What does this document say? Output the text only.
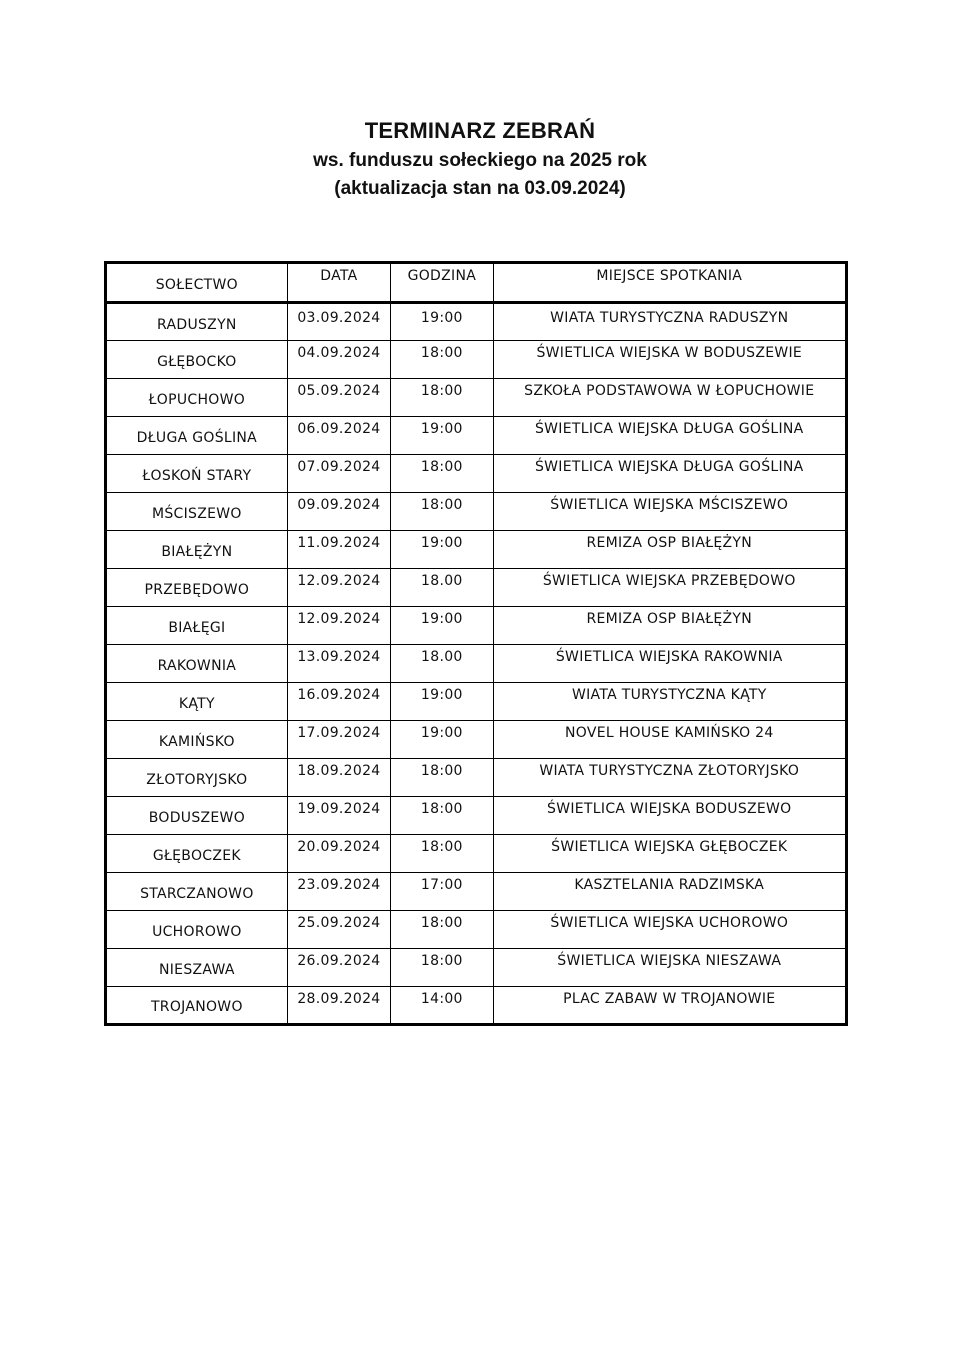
TERMINARZ ZEBRAŃ
ws. funduszu sołeckiego na 2025 rok
(aktualizacja stan na 03.09.2024)
SOŁECTWO	DATA	GODZINA	MIEJSCE SPOTKANIA
RADUSZYN	03.09.2024	19:00	WIATA TURYSTYCZNA RADUSZYN
GŁĘBOCKO	04.09.2024	18:00	ŚWIETLICA WIEJSKA W BODUSZEWIE
ŁOPUCHOWO	05.09.2024	18:00	SZKOŁA PODSTAWOWA W ŁOPUCHOWIE
DŁUGA GOŚLINA	06.09.2024	19:00	ŚWIETLICA WIEJSKA DŁUGA GOŚLINA
ŁOSKOŃ STARY	07.09.2024	18:00	ŚWIETLICA WIEJSKA DŁUGA GOŚLINA
MŚCISZEWO	09.09.2024	18:00	ŚWIETLICA WIEJSKA MŚCISZEWO
BIAŁĘŻYN	11.09.2024	19:00	REMIZA OSP BIAŁĘŻYN
PRZEBĘDOWO	12.09.2024	18.00	ŚWIETLICA WIEJSKA PRZEBĘDOWO
BIAŁĘGI	12.09.2024	19:00	REMIZA OSP BIAŁĘŻYN
RAKOWNIA	13.09.2024	18.00	ŚWIETLICA WIEJSKA RAKOWNIA
KĄTY	16.09.2024	19:00	WIATA TURYSTYCZNA KĄTY
KAMIŃSKO	17.09.2024	19:00	NOVEL HOUSE KAMIŃSKO 24
ZŁOTORYJSKO	18.09.2024	18:00	WIATA TURYSTYCZNA ZŁOTORYJSKO
BODUSZEWO	19.09.2024	18:00	ŚWIETLICA WIEJSKA BODUSZEWO
GŁĘBOCZEK	20.09.2024	18:00	ŚWIETLICA WIEJSKA GŁĘBOCZEK
STARCZANOWO	23.09.2024	17:00	KASZTELANIA RADZIMSKA
UCHOROWO	25.09.2024	18:00	ŚWIETLICA WIEJSKA UCHOROWO
NIESZAWA	26.09.2024	18:00	ŚWIETLICA WIEJSKA NIESZAWA
TROJANOWO	28.09.2024	14:00	PLAC ZABAW W TROJANOWIE
